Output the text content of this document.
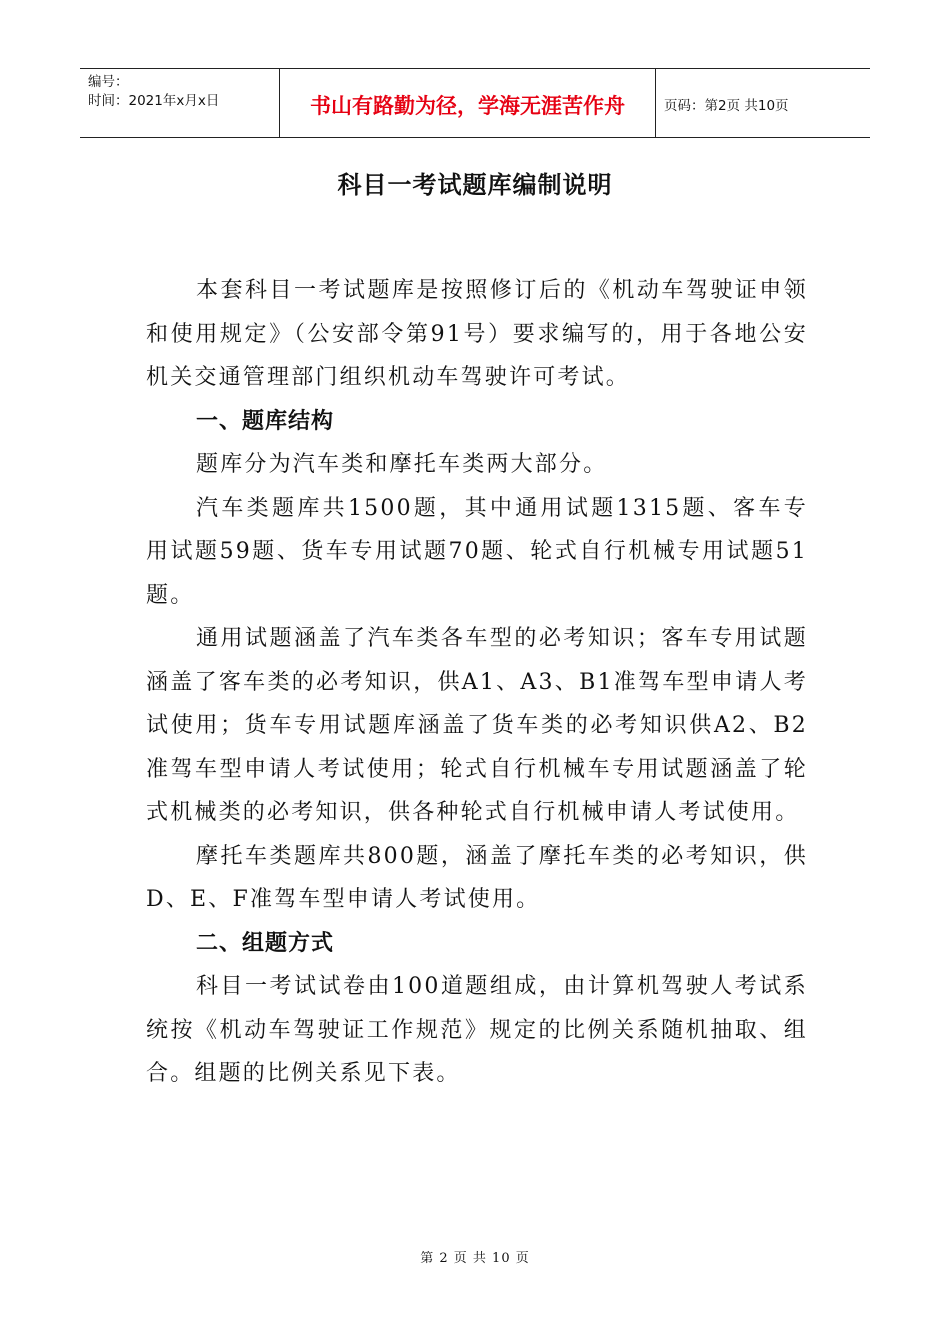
编号：
时间：2021年x月x日	书山有路勤为径，学海无涯苦作舟	页码：第2页 共10页
科目一考试题库编制说明

本套科目一考试题库是按照修订后的《机动车驾驶证申领和使用规定》（公安部令第91号）要求编写的，用于各地公安机关交通管理部门组织机动车驾驶许可考试。

一、题库结构

题库分为汽车类和摩托车类两大部分。

汽车类题库共1500题，其中通用试题1315题、客车专用试题59题、货车专用试题70题、轮式自行机械专用试题51题。

通用试题涵盖了汽车类各车型的必考知识；客车专用试题涵盖了客车类的必考知识，供A1、A3、B1准驾车型申请人考试使用；货车专用试题库涵盖了货车类的必考知识供A2、B2准驾车型申请人考试使用；轮式自行机械车专用试题涵盖了轮式机械类的必考知识，供各种轮式自行机械申请人考试使用。

摩托车类题库共800题，涵盖了摩托车类的必考知识，供D、E、F准驾车型申请人考试使用。

二、组题方式

科目一考试试卷由100道题组成，由计算机驾驶人考试系统按《机动车驾驶证工作规范》规定的比例关系随机抽取、组合。组题的比例关系见下表。

第 2 页 共 10 页
